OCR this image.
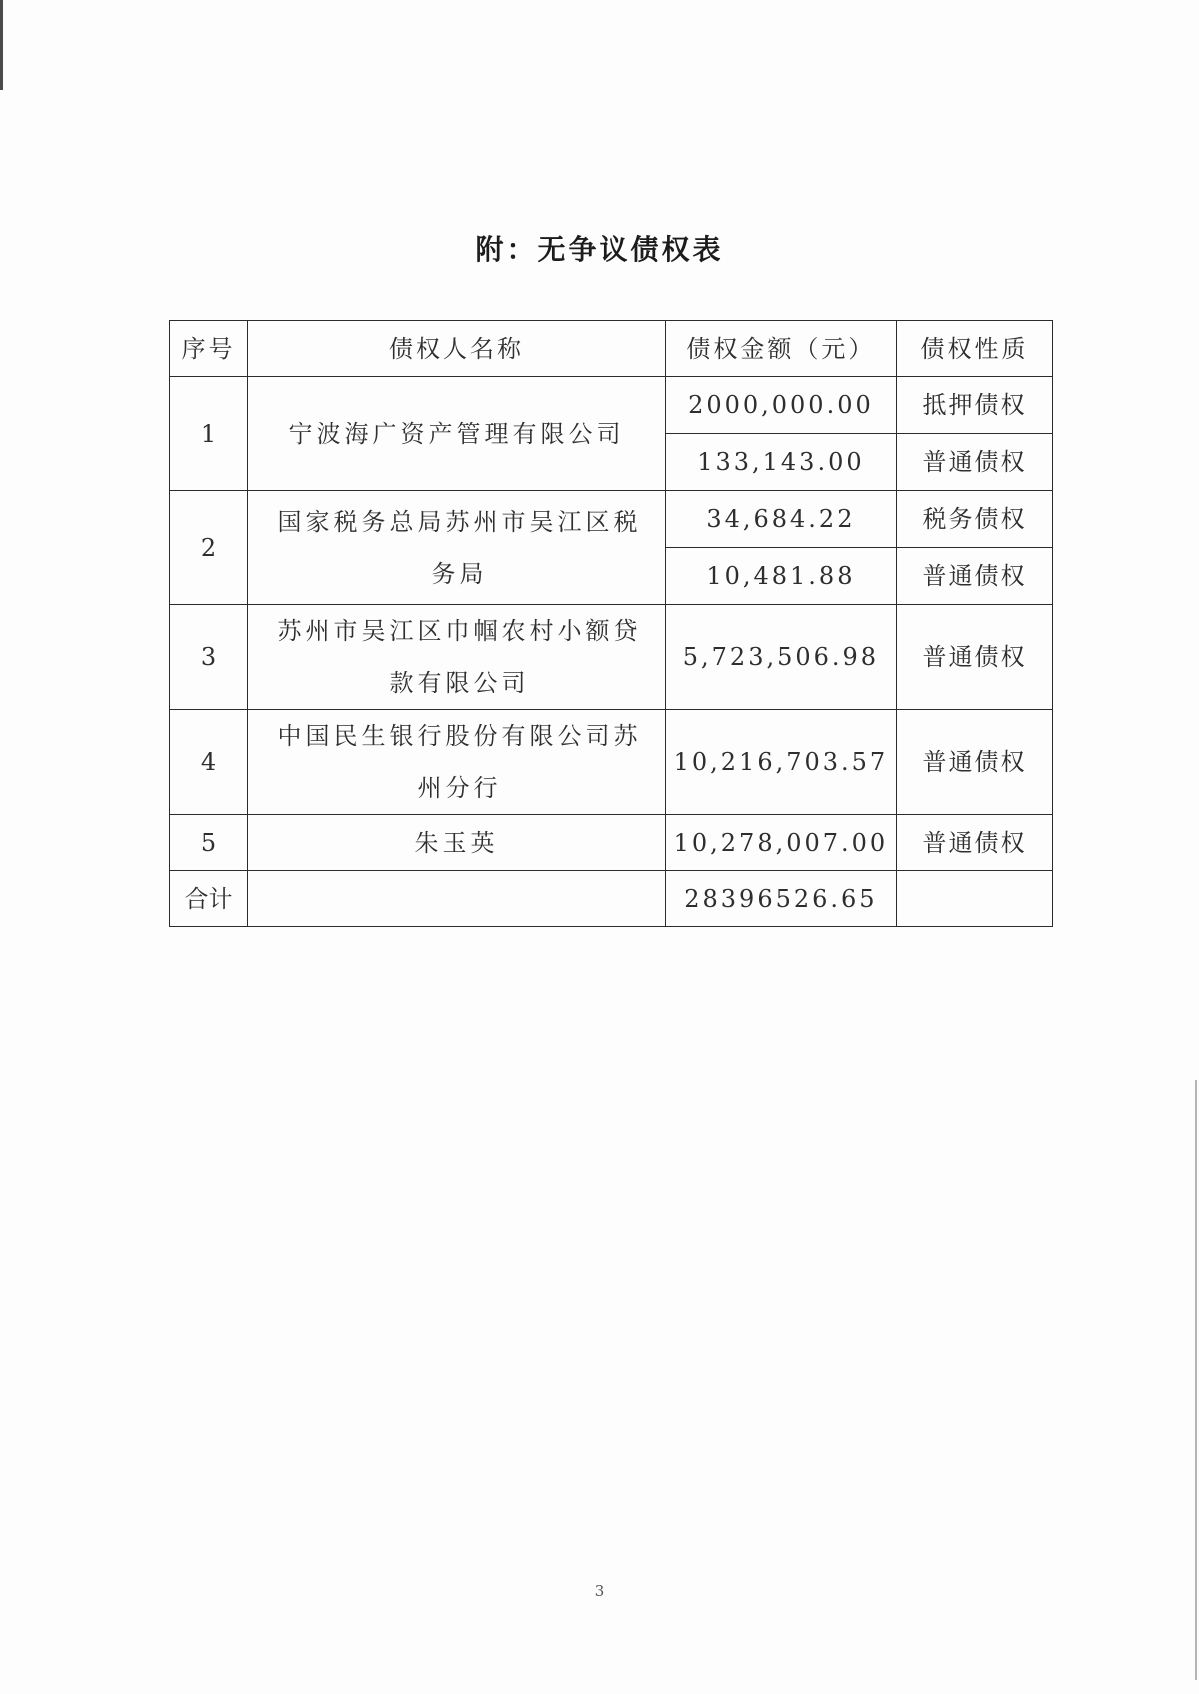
附：无争议债权表
序号	债权人名称	债权金额（元）	债权性质
1	宁波海广资产管理有限公司	2000,000.00	抵押债权
		133,143.00	普通债权
2	国家税务总局苏州市吴江区税务局	34,684.22	税务债权
		10,481.88	普通债权
3	苏州市吴江区巾帼农村小额贷款有限公司	5,723,506.98	普通债权
4	中国民生银行股份有限公司苏州分行	10,216,703.57	普通债权
5	朱玉英	10,278,007.00	普通债权
合计		28396526.65	
3
